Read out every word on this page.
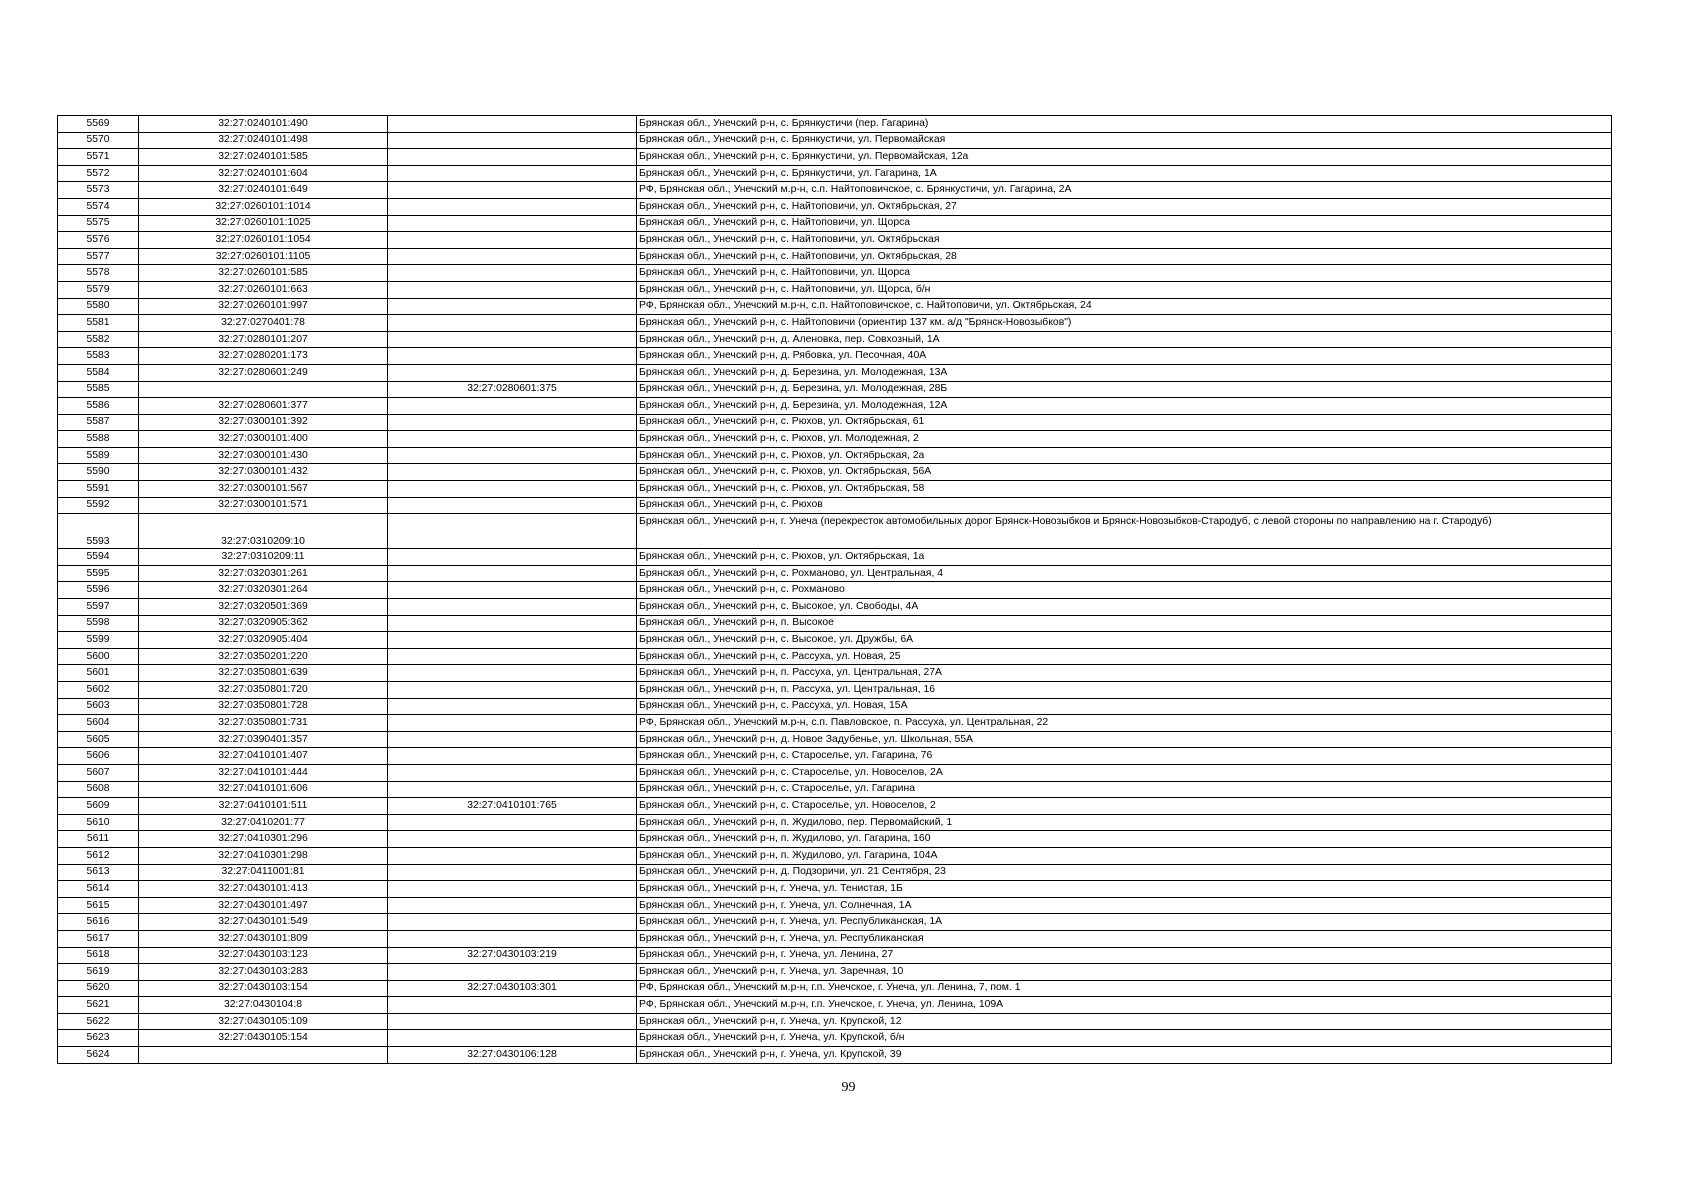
5569	32:27:0240101:490		Брянская обл., Унечский р-н, с. Брянкустичи (пер. Гагарина)
5570	32:27:0240101:498		Брянская обл., Унечский р-н, с. Брянкустичи, ул. Первомайская
5571	32:27:0240101:585		Брянская обл., Унечский р-н, с. Брянкустичи, ул. Первомайская, 12а
5572	32:27:0240101:604		Брянская обл., Унечский р-н, с. Брянкустичи, ул. Гагарина, 1А
5573	32:27:0240101:649		РФ, Брянская обл., Унечский м.р-н, с.п. Найтоповичское, с. Брянкустичи, ул. Гагарина, 2А
5574	32:27:0260101:1014		Брянская обл., Унечский р-н, с. Найтоповичи, ул. Октябрьская, 27
5575	32:27:0260101:1025		Брянская обл., Унечский р-н, с. Найтоповичи, ул. Щорса
5576	32:27:0260101:1054		Брянская обл., Унечский р-н, с. Найтоповичи, ул. Октябрьская
5577	32:27:0260101:1105		Брянская обл., Унечский р-н, с. Найтоповичи, ул. Октябрьская, 28
5578	32:27:0260101:585		Брянская обл., Унечский р-н, с. Найтоповичи, ул. Щорса
5579	32:27:0260101:663		Брянская обл., Унечский р-н, с. Найтоповичи, ул. Щорса, б/н
5580	32:27:0260101:997		РФ, Брянская обл., Унечский м.р-н, с.п. Найтоповичское, с. Найтоповичи, ул. Октябрьская, 24
5581	32:27:0270401:78		Брянская обл., Унечский р-н, с. Найтоповичи (ориентир 137 км. а/д "Брянск-Новозыбков")
5582	32:27:0280101:207		Брянская обл., Унечский р-н, д. Аленовка, пер. Совхозный, 1А
5583	32:27:0280201:173		Брянская обл., Унечский р-н, д. Рябовка, ул. Песочная, 40А
5584	32:27:0280601:249		Брянская обл., Унечский р-н, д. Березина, ул. Молодежная, 13А
5585		32:27:0280601:375	Брянская обл., Унечский р-н, д. Березина, ул. Молодежная, 28Б
5586	32:27:0280601:377		Брянская обл., Унечский р-н, д. Березина, ул. Молодежная, 12А
5587	32:27:0300101:392		Брянская обл., Унечский р-н, с. Рюхов, ул. Октябрьская, 61
5588	32:27:0300101:400		Брянская обл., Унечский р-н, с. Рюхов, ул. Молодежная, 2
5589	32:27:0300101:430		Брянская обл., Унечский р-н, с. Рюхов, ул. Октябрьская, 2а
5590	32:27:0300101:432		Брянская обл., Унечский р-н, с. Рюхов, ул. Октябрьская, 56А
5591	32:27:0300101:567		Брянская обл., Унечский р-н, с. Рюхов, ул. Октябрьская, 58
5592	32:27:0300101:571		Брянская обл., Унечский р-н, с. Рюхов
5593	32:27:0310209:10		Брянская обл., Унечский р-н, г. Унеча (перекресток автомобильных дорог Брянск-Новозыбков и Брянск-Новозыбков-Стародуб, с левой стороны по направлению на г. Стародуб)
5594	32:27:0310209:11		Брянская обл., Унечский р-н, с. Рюхов, ул. Октябрьская, 1а
5595	32:27:0320301:261		Брянская обл., Унечский р-н, с. Рохманово, ул. Центральная, 4
5596	32:27:0320301:264		Брянская обл., Унечский р-н, с. Рохманово
5597	32:27:0320501:369		Брянская обл., Унечский р-н, с. Высокое, ул. Свободы, 4А
5598	32:27:0320905:362		Брянская обл., Унечский р-н, п. Высокое
5599	32:27:0320905:404		Брянская обл., Унечский р-н, с. Высокое, ул. Дружбы, 6А
5600	32:27:0350201:220		Брянская обл., Унечский р-н, с. Рассуха, ул. Новая, 25
5601	32:27:0350801:639		Брянская обл., Унечский р-н, п. Рассуха, ул. Центральная, 27А
5602	32:27:0350801:720		Брянская обл., Унечский р-н, п. Рассуха, ул. Центральная, 16
5603	32:27:0350801:728		Брянская обл., Унечский р-н, с. Рассуха, ул. Новая, 15А
5604	32:27:0350801:731		РФ, Брянская обл., Унечский м.р-н, с.п. Павловское, п. Рассуха, ул. Центральная, 22
5605	32:27:0390401:357		Брянская обл., Унечский р-н, д. Новое Задубенье, ул. Школьная, 55А
5606	32:27:0410101:407		Брянская обл., Унечский р-н, с. Староселье, ул. Гагарина, 76
5607	32:27:0410101:444		Брянская обл., Унечский р-н, с. Староселье, ул. Новоселов, 2А
5608	32:27:0410101:606		Брянская обл., Унечский р-н, с. Староселье, ул. Гагарина
5609	32:27:0410101:511	32:27:0410101:765	Брянская обл., Унечский р-н, с. Староселье, ул. Новоселов, 2
5610	32:27:0410201:77		Брянская обл., Унечский р-н, п. Жудилово, пер. Первомайский, 1
5611	32:27:0410301:296		Брянская обл., Унечский р-н, п. Жудилово, ул. Гагарина, 160
5612	32:27:0410301:298		Брянская обл., Унечский р-н, п. Жудилово, ул. Гагарина, 104А
5613	32:27:0411001:81		Брянская обл., Унечский р-н, д. Подзоричи, ул. 21 Сентября, 23
5614	32:27:0430101:413		Брянская обл., Унечский р-н, г. Унеча, ул. Тенистая, 1Б
5615	32:27:0430101:497		Брянская обл., Унечский р-н, г. Унеча, ул. Солнечная, 1А
5616	32:27:0430101:549		Брянская обл., Унечский р-н, г. Унеча, ул. Республиканская, 1А
5617	32:27:0430101:809		Брянская обл., Унечский р-н, г. Унеча, ул. Республиканская
5618	32:27:0430103:123	32:27:0430103:219	Брянская обл., Унечский р-н, г. Унеча, ул. Ленина, 27
5619	32:27:0430103:283		Брянская обл., Унечский р-н, г. Унеча, ул. Заречная, 10
5620	32:27:0430103:154	32:27:0430103:301	РФ, Брянская обл., Унечский м.р-н, г.п. Унечское, г. Унеча, ул. Ленина, 7, пом. 1
5621	32:27:0430104:8		РФ, Брянская обл., Унечский м.р-н, г.п. Унечское, г. Унеча, ул. Ленина, 109А
5622	32:27:0430105:109		Брянская обл., Унечский р-н, г. Унеча, ул. Крупской, 12
5623	32:27:0430105:154		Брянская обл., Унечский р-н, г. Унеча, ул. Крупской, б/н
5624		32:27:0430106:128	Брянская обл., Унечский р-н, г. Унеча, ул. Крупской, 39
99
